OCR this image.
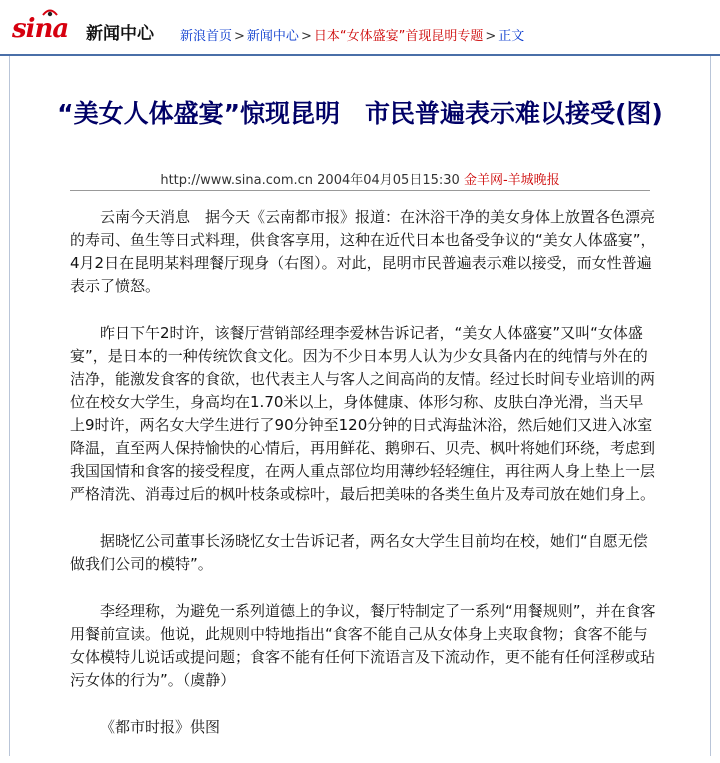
sina 新闻中心 新浪首页 > 新闻中心 > 日本“女体盛宴”首现昆明专题 > 正文
“美女人体盛宴”惊现昆明　市民普遍表示难以接受(图)
http://www.sina.com.cn 2004年04月05日15:30 金羊网-羊城晚报

云南今天消息　据今天《云南都市报》报道：在沐浴干净的美女身体上放置各色漂亮的寿司、鱼生等日式料理，供食客享用，这种在近代日本也备受争议的“美女人体盛宴”，4月2日在昆明某料理餐厅现身（右图）。对此，昆明市民普遍表示难以接受，而女性普遍表示了愤怒。

昨日下午2时许，该餐厅营销部经理李爱林告诉记者，“美女人体盛宴”又叫“女体盛宴”，是日本的一种传统饮食文化。因为不少日本男人认为少女具备内在的纯情与外在的洁净，能激发食客的食欲，也代表主人与客人之间高尚的友情。经过长时间专业培训的两位在校女大学生，身高均在1.70米以上，身体健康、体形匀称、皮肤白净光滑，当天早上9时许，两名女大学生进行了90分钟至120分钟的日式海盐沐浴，然后她们又进入冰室降温，直至两人保持愉快的心情后，再用鲜花、鹅卵石、贝壳、枫叶将她们环绕，考虑到我国国情和食客的接受程度，在两人重点部位均用薄纱轻轻缠住，再往两人身上垫上一层严格清洗、消毒过后的枫叶枝条或棕叶，最后把美味的各类生鱼片及寿司放在她们身上。

据晓忆公司董事长汤晓忆女士告诉记者，两名女大学生目前均在校，她们“自愿无偿做我们公司的模特”。

李经理称，为避免一系列道德上的争议，餐厅特制定了一系列“用餐规则”，并在食客用餐前宣读。他说，此规则中特地指出“食客不能自己从女体身上夹取食物；食客不能与女体模特儿说话或提问题；食客不能有任何下流语言及下流动作，更不能有任何淫秽或玷污女体的行为”。（虞静）

《都市时报》供图
